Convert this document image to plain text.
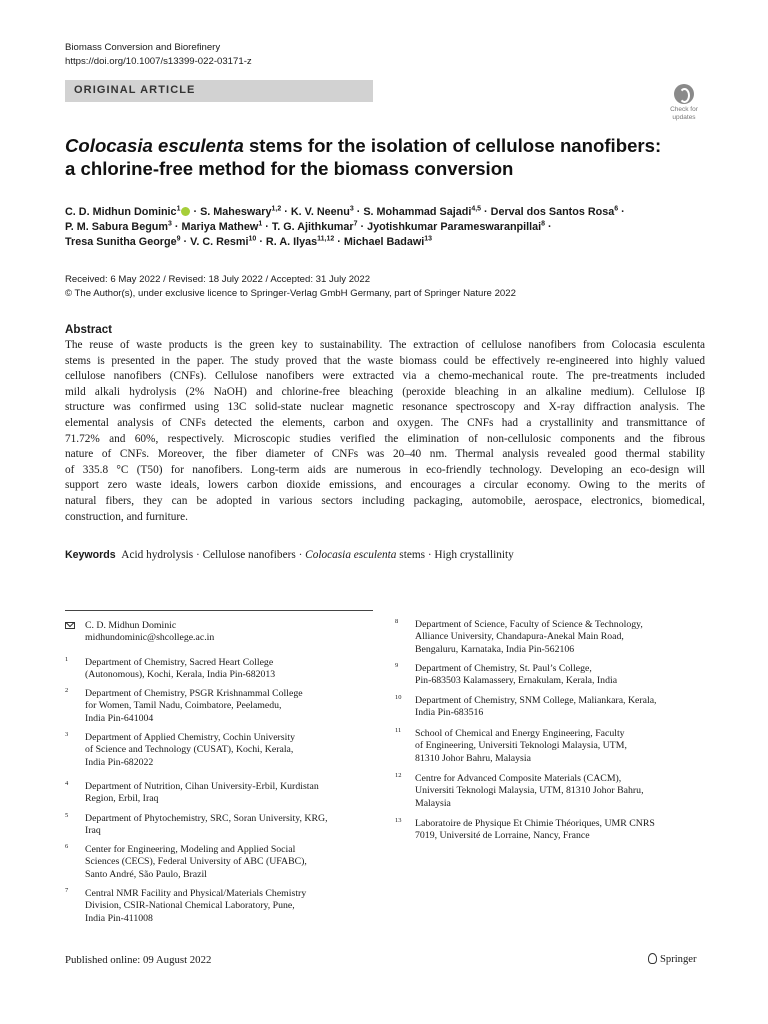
Biomass Conversion and Biorefinery
https://doi.org/10.1007/s13399-022-03171-z
ORIGINAL ARTICLE
Check for
updates
Colocasia esculenta stems for the isolation of cellulose nanofibers:
a chlorine-free method for the biomass conversion
C. D. Midhun Dominic$^1$ · S. Maheswary$^{1,2}$ · K. V. Neenu$^3$ · S. Mohammad Sajadi$^{4,5}$ · Derval dos Santos Rosa$^6$ ·
P. M. Sabura Begum$^3$ · Mariya Mathew$^1$ · T. G. Ajithkumar$^7$ · Jyotishkumar Parameswaranpillai$^8$ ·
Tresa Sunitha George$^9$ · V. C. Resmi$^{10}$ · R. A. Ilyas$^{11,12}$ · Michael Badawi$^{13}$
Received: 6 May 2022 / Revised: 18 July 2022 / Accepted: 31 July 2022
© The Author(s), under exclusive licence to Springer-Verlag GmbH Germany, part of Springer Nature 2022
Abstract

The reuse of waste products is the green key to sustainability. The extraction of cellulose nanofibers from Colocasia esculenta
stems is presented in the paper. The study proved that the waste biomass could be effectively re-engineered into highly valued
cellulose nanofibers (CNFs). Cellulose nanofibers were extracted via a chemo-mechanical route. The pre-treatments included
mild alkali hydrolysis (2% NaOH) and chlorine-free bleaching (peroxide bleaching in an alkaline medium). Cellulose Iβ
structure was confirmed using 13C solid-state nuclear magnetic resonance spectroscopy and X-ray diffraction analysis. The
elemental analysis of CNFs detected the elements, carbon and oxygen. The CNFs had a crystallinity and transmittance of
71.72% and 60%, respectively. Microscopic studies verified the elimination of non-cellulosic components and the fibrous
nature of CNFs. Moreover, the fiber diameter of CNFs was 20–40 nm. Thermal analysis revealed good thermal stability
of 335.8 °C (T50) for nanofibers. Long-term aids are numerous in eco-friendly technology. Developing an eco-design will
support zero waste ideals, lowers carbon dioxide emissions, and encourages a circular economy. Owing to the merits of
natural fibers, they can be adopted in various sectors including packaging, automobile, aerospace, electronics, biomedical,
construction, and furniture.

Keywords Acid hydrolysis · Cellulose nanofibers · Colocasia esculenta stems · High crystallinity
C. D. Midhun Dominic
midhundominic@shcollege.ac.in
1 Department of Chemistry, Sacred Heart College
(Autonomous), Kochi, Kerala, India Pin-682013
2 Department of Chemistry, PSGR Krishnammal College
for Women, Tamil Nadu, Coimbatore, Peelamedu,
India Pin-641004
3 Department of Applied Chemistry, Cochin University
of Science and Technology (CUSAT), Kochi, Kerala,
India Pin-682022
4 Department of Nutrition, Cihan University-Erbil, Kurdistan
Region, Erbil, Iraq
5 Department of Phytochemistry, SRC, Soran University, KRG,
Iraq
6 Center for Engineering, Modeling and Applied Social
Sciences (CECS), Federal University of ABC (UFABC),
Santo André, São Paulo, Brazil
7 Central NMR Facility and Physical/Materials Chemistry
Division, CSIR-National Chemical Laboratory, Pune,
India Pin-411008
8 Department of Science, Faculty of Science & Technology,
Alliance University, Chandapura-Anekal Main Road,
Bengaluru, Karnataka, India Pin-562106
9 Department of Chemistry, St. Paul’s College,
Pin-683503 Kalamassery, Ernakulam, Kerala, India
10 Department of Chemistry, SNM College, Maliankara, Kerala,
India Pin-683516
11 School of Chemical and Energy Engineering, Faculty
of Engineering, Universiti Teknologi Malaysia, UTM,
81310 Johor Bahru, Malaysia
12 Centre for Advanced Composite Materials (CACM),
Universiti Teknologi Malaysia, UTM, 81310 Johor Bahru,
Malaysia
13 Laboratoire de Physique Et Chimie Théoriques, UMR CNRS
7019, Université de Lorraine, Nancy, France
Published online: 09 August 2022	Springer
